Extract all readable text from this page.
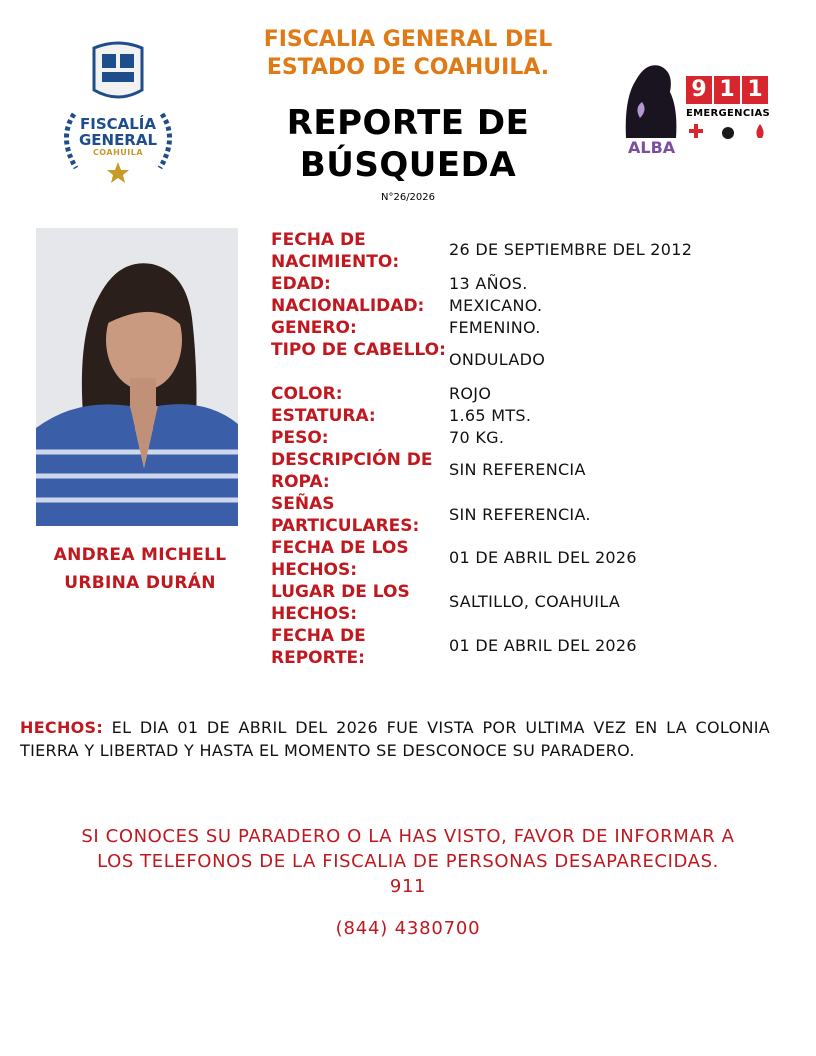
FISCALIA GENERAL DEL
ESTADO DE COAHUILA.
REPORTE DE
BÚSQUEDA
N°26/2026
FISCALÍA
GENERAL
COAHUILA	ALBA
9 1 1
EMERGENCIAS
ANDREA MICHELL
URBINA DURÁN
FECHA DE NACIMIENTO:
26 DE SEPTIEMBRE DEL 2012
EDAD:	13 AÑOS.
NACIONALIDAD:	MEXICANO.
GENERO:	FEMENINO.
TIPO DE CABELLO: ONDULADO
COLOR:	ROJO
ESTATURA:	1.65 MTS.
PESO:	70 KG.
DESCRIPCIÓN DE ROPA:
SIN REFERENCIA
SEÑAS PARTICULARES:
SIN REFERENCIA.
FECHA DE LOS HECHOS:
01 DE ABRIL DEL 2026
LUGAR DE LOS HECHOS:
SALTILLO, COAHUILA
FECHA DE REPORTE:
01 DE ABRIL DEL 2026
HECHOS: EL DIA 01 DE ABRIL DEL 2026 FUE VISTA POR ULTIMA VEZ EN LA COLONIA TIERRA Y LIBERTAD Y HASTA EL MOMENTO SE DESCONOCE SU PARADERO.
SI CONOCES SU PARADERO O LA HAS VISTO, FAVOR DE INFORMAR A
LOS TELEFONOS DE LA FISCALIA DE PERSONAS DESAPARECIDAS.
911
(844) 4380700
